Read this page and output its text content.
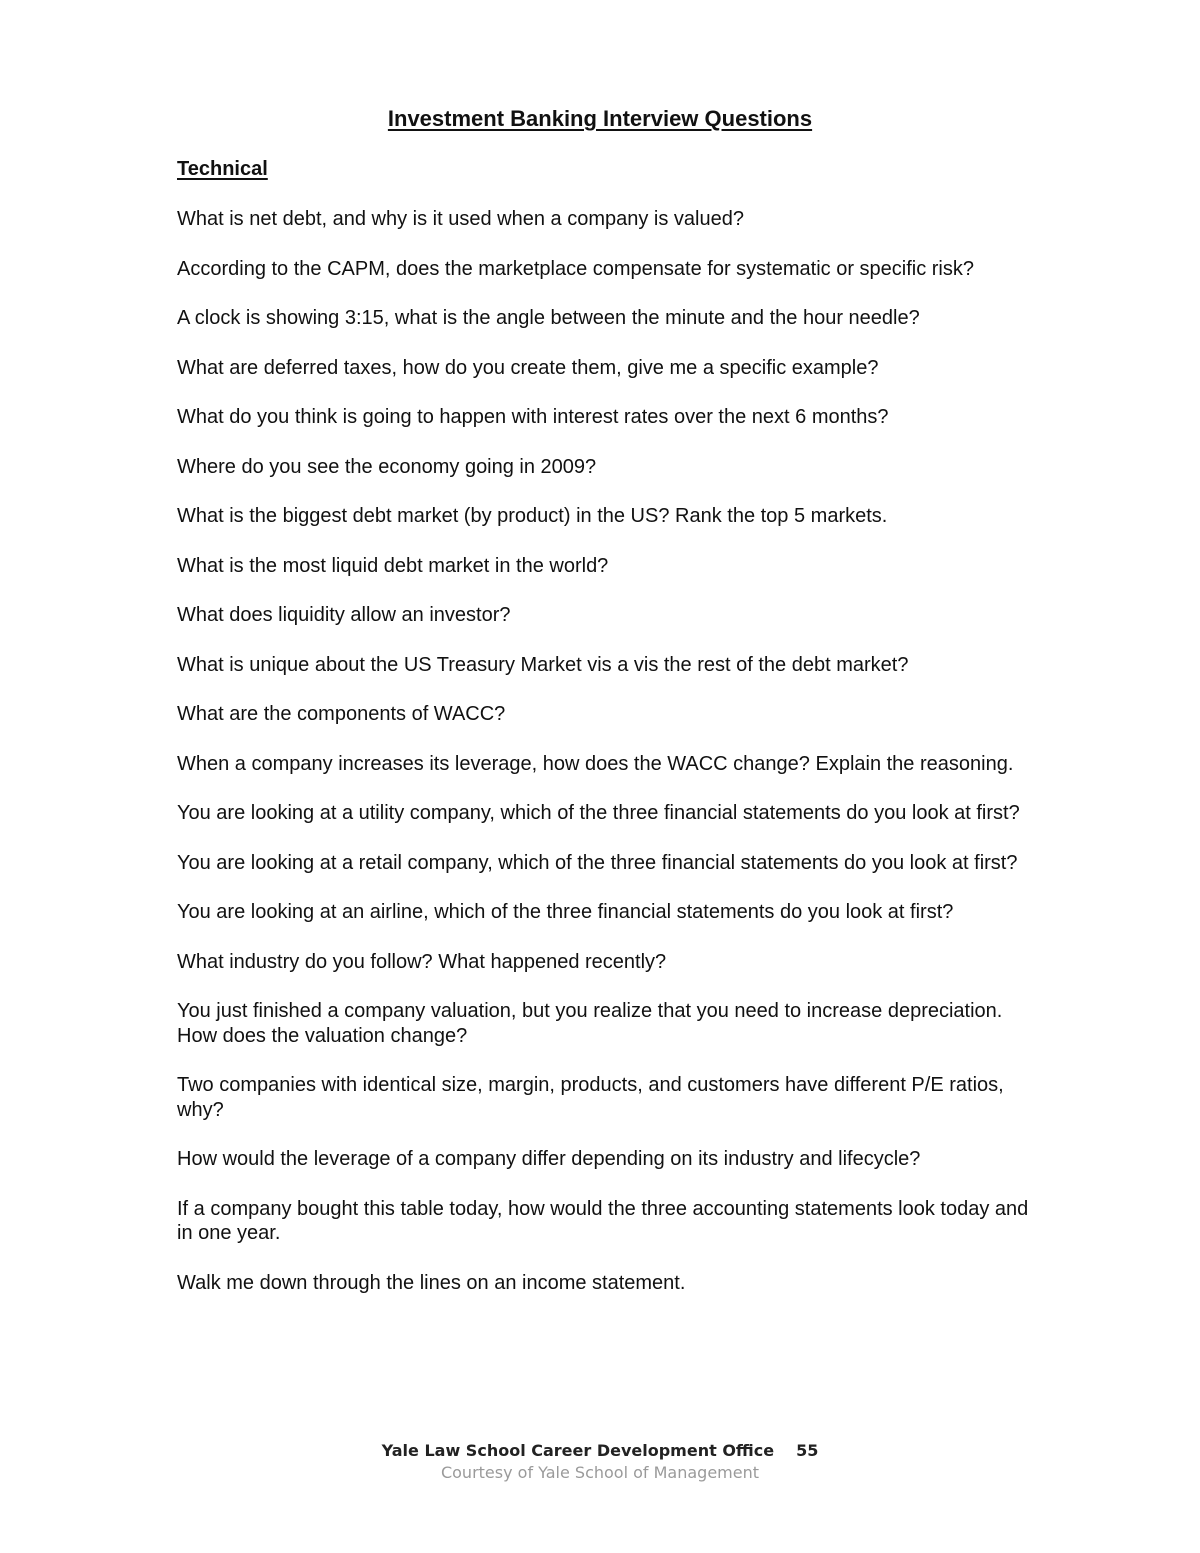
Investment Banking Interview Questions
Technical
What is net debt, and why is it used when a company is valued?
According to the CAPM, does the marketplace compensate for systematic or specific risk?
A clock is showing 3:15, what is the angle between the minute and the hour needle?
What are deferred taxes, how do you create them, give me a specific example?
What do you think is going to happen with interest rates over the next 6 months?
Where do you see the economy going in 2009?
What is the biggest debt market (by product) in the US? Rank the top 5 markets.
What is the most liquid debt market in the world?
What does liquidity allow an investor?
What is unique about the US Treasury Market vis a vis the rest of the debt market?
What are the components of WACC?
When a company increases its leverage, how does the WACC change? Explain the reasoning.
You are looking at a utility company, which of the three financial statements do you look at first?
You are looking at a retail company, which of the three financial statements do you look at first?
You are looking at an airline, which of the three financial statements do you look at first?
What industry do you follow? What happened recently?
You just finished a company valuation, but you realize that you need to increase depreciation. How does the valuation change?
Two companies with identical size, margin, products, and customers have different P/E ratios, why?
How would the leverage of a company differ depending on its industry and lifecycle?
If a company bought this table today, how would the three accounting statements look today and in one year.
Walk me down through the lines on an income statement.
Yale Law School Career Development Office 55
Courtesy of Yale School of Management
